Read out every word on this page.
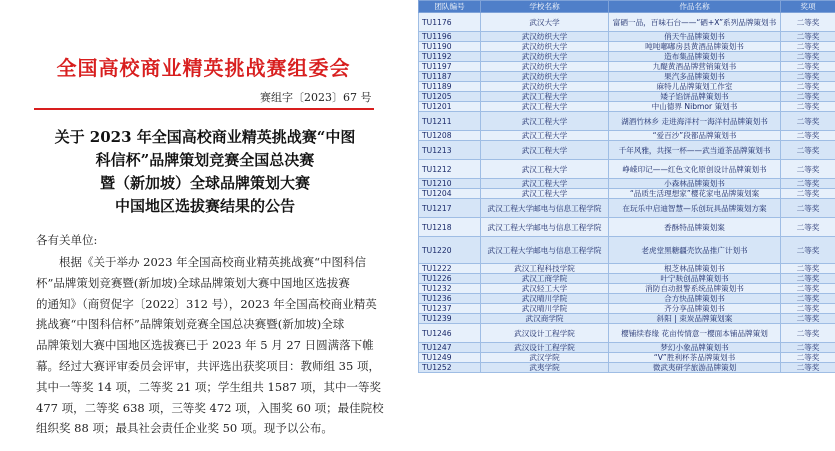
全国高校商业精英挑战赛组委会
赛组字〔2023〕67 号
关于 2023 年全国高校商业精英挑战赛“中图
科信杯”品牌策划竞赛全国总决赛
暨（新加坡）全球品牌策划大赛
中国地区选拔赛结果的公告
各有关单位:
根据《关于举办 2023 年全国高校商业精英挑战赛“中图科信
杯”品牌策划竞赛暨(新加坡)全球品牌策划大赛中国地区选拔赛
的通知》（商贸促字〔2022〕312 号），2023 年全国高校商业精英
挑战赛“中图科信杯”品牌策划竞赛全国总决赛暨(新加坡)全球
品牌策划大赛中国地区选拔赛已于 2023 年 5 月 27 日圆满落下帷
幕。经过大赛评审委员会评审，共评选出获奖项目：教师组 35 项，
其中一等奖 14 项，二等奖 21 项；学生组共 1587 项，其中一等奖
477 项，二等奖 638 项，三等奖 472 项，入围奖 60 项；最佳院校
组织奖 88 项；最具社会责任企业奖 50 项。现予以公布。
团队编号	学校名称	作品名称	奖项
TU1176	武汉大学	富硒一品，百味石台——“硒+X”系列品牌策划书	二等奖
TU1196	武汉纺织大学	俏天牛品牌策划书	二等奖
TU1190	武汉纺织大学	吨吨嘟嘟房县黄酒品牌策划书	二等奖
TU1192	武汉纺织大学	造布集品牌策划书	二等奖
TU1197	武汉纺织大学	九醍黄酒品牌营销策划书	二等奖
TU1187	武汉纺织大学	果汽多品牌策划书	二等奖
TU1189	武汉纺织大学	麻特儿品牌策划工作室	二等奖
TU1205	武汉工程大学	矮子馅饼品牌策划书	二等奖
TU1201	武汉工程大学	中山德界 Nibmor 策划书	二等奖
TU1211	武汉工程大学	湖酒竹林乡 走进海洋村一海洋村品牌策划书	二等奖
TU1208	武汉工程大学	“爱百沙”段都品牌策划书	二等奖
TU1213	武汉工程大学	千年风雅，共探一杯——武当道茶品牌策划书	二等奖
TU1212	武汉工程大学	峥嵘印记——红色文化原创设计品牌策划书	二等奖
TU1210	武汉工程大学	小森林品牌策划书	二等奖
TU1204	武汉工程大学	“品质生活理想家”樱花家电品牌策划案	二等奖
TU1217	武汉工程大学邮电与信息工程学院	在玩乐中启迪智慧—乐创玩具品牌策划方案	二等奖
TU1218	武汉工程大学邮电与信息工程学院	香酥特品牌策划案	二等奖
TU1220	武汉工程大学邮电与信息工程学院	老虎堂黑糖疆壳饮品推广计划书	二等奖
TU1222	武汉工程科技学院	根芝林品牌策划书	二等奖
TU1226	武汉工商学院	叶宁麸创品牌策划书	二等奖
TU1232	武汉轻工大学	消防自动报警系统品牌策划书	二等奖
TU1236	武汉晴川学院	合方快品牌策划书	二等奖
TU1237	武汉晴川学院	齐分享品牌策划书	二等奖
TU1239	武汉商学院	斜阳 | 束炭品牌策划案	二等奖
TU1246	武汉设计工程学院	樱铺续春缘 花亩传情意一樱面本铺品牌策划	二等奖
TU1247	武汉设计工程学院	梦幻小象品牌策划书	二等奖
TU1249	武汉学院	“V”胜利杯茶品牌策划书	二等奖
TU1252	武夷学院	微武夷研学旅游品牌策划	二等奖
